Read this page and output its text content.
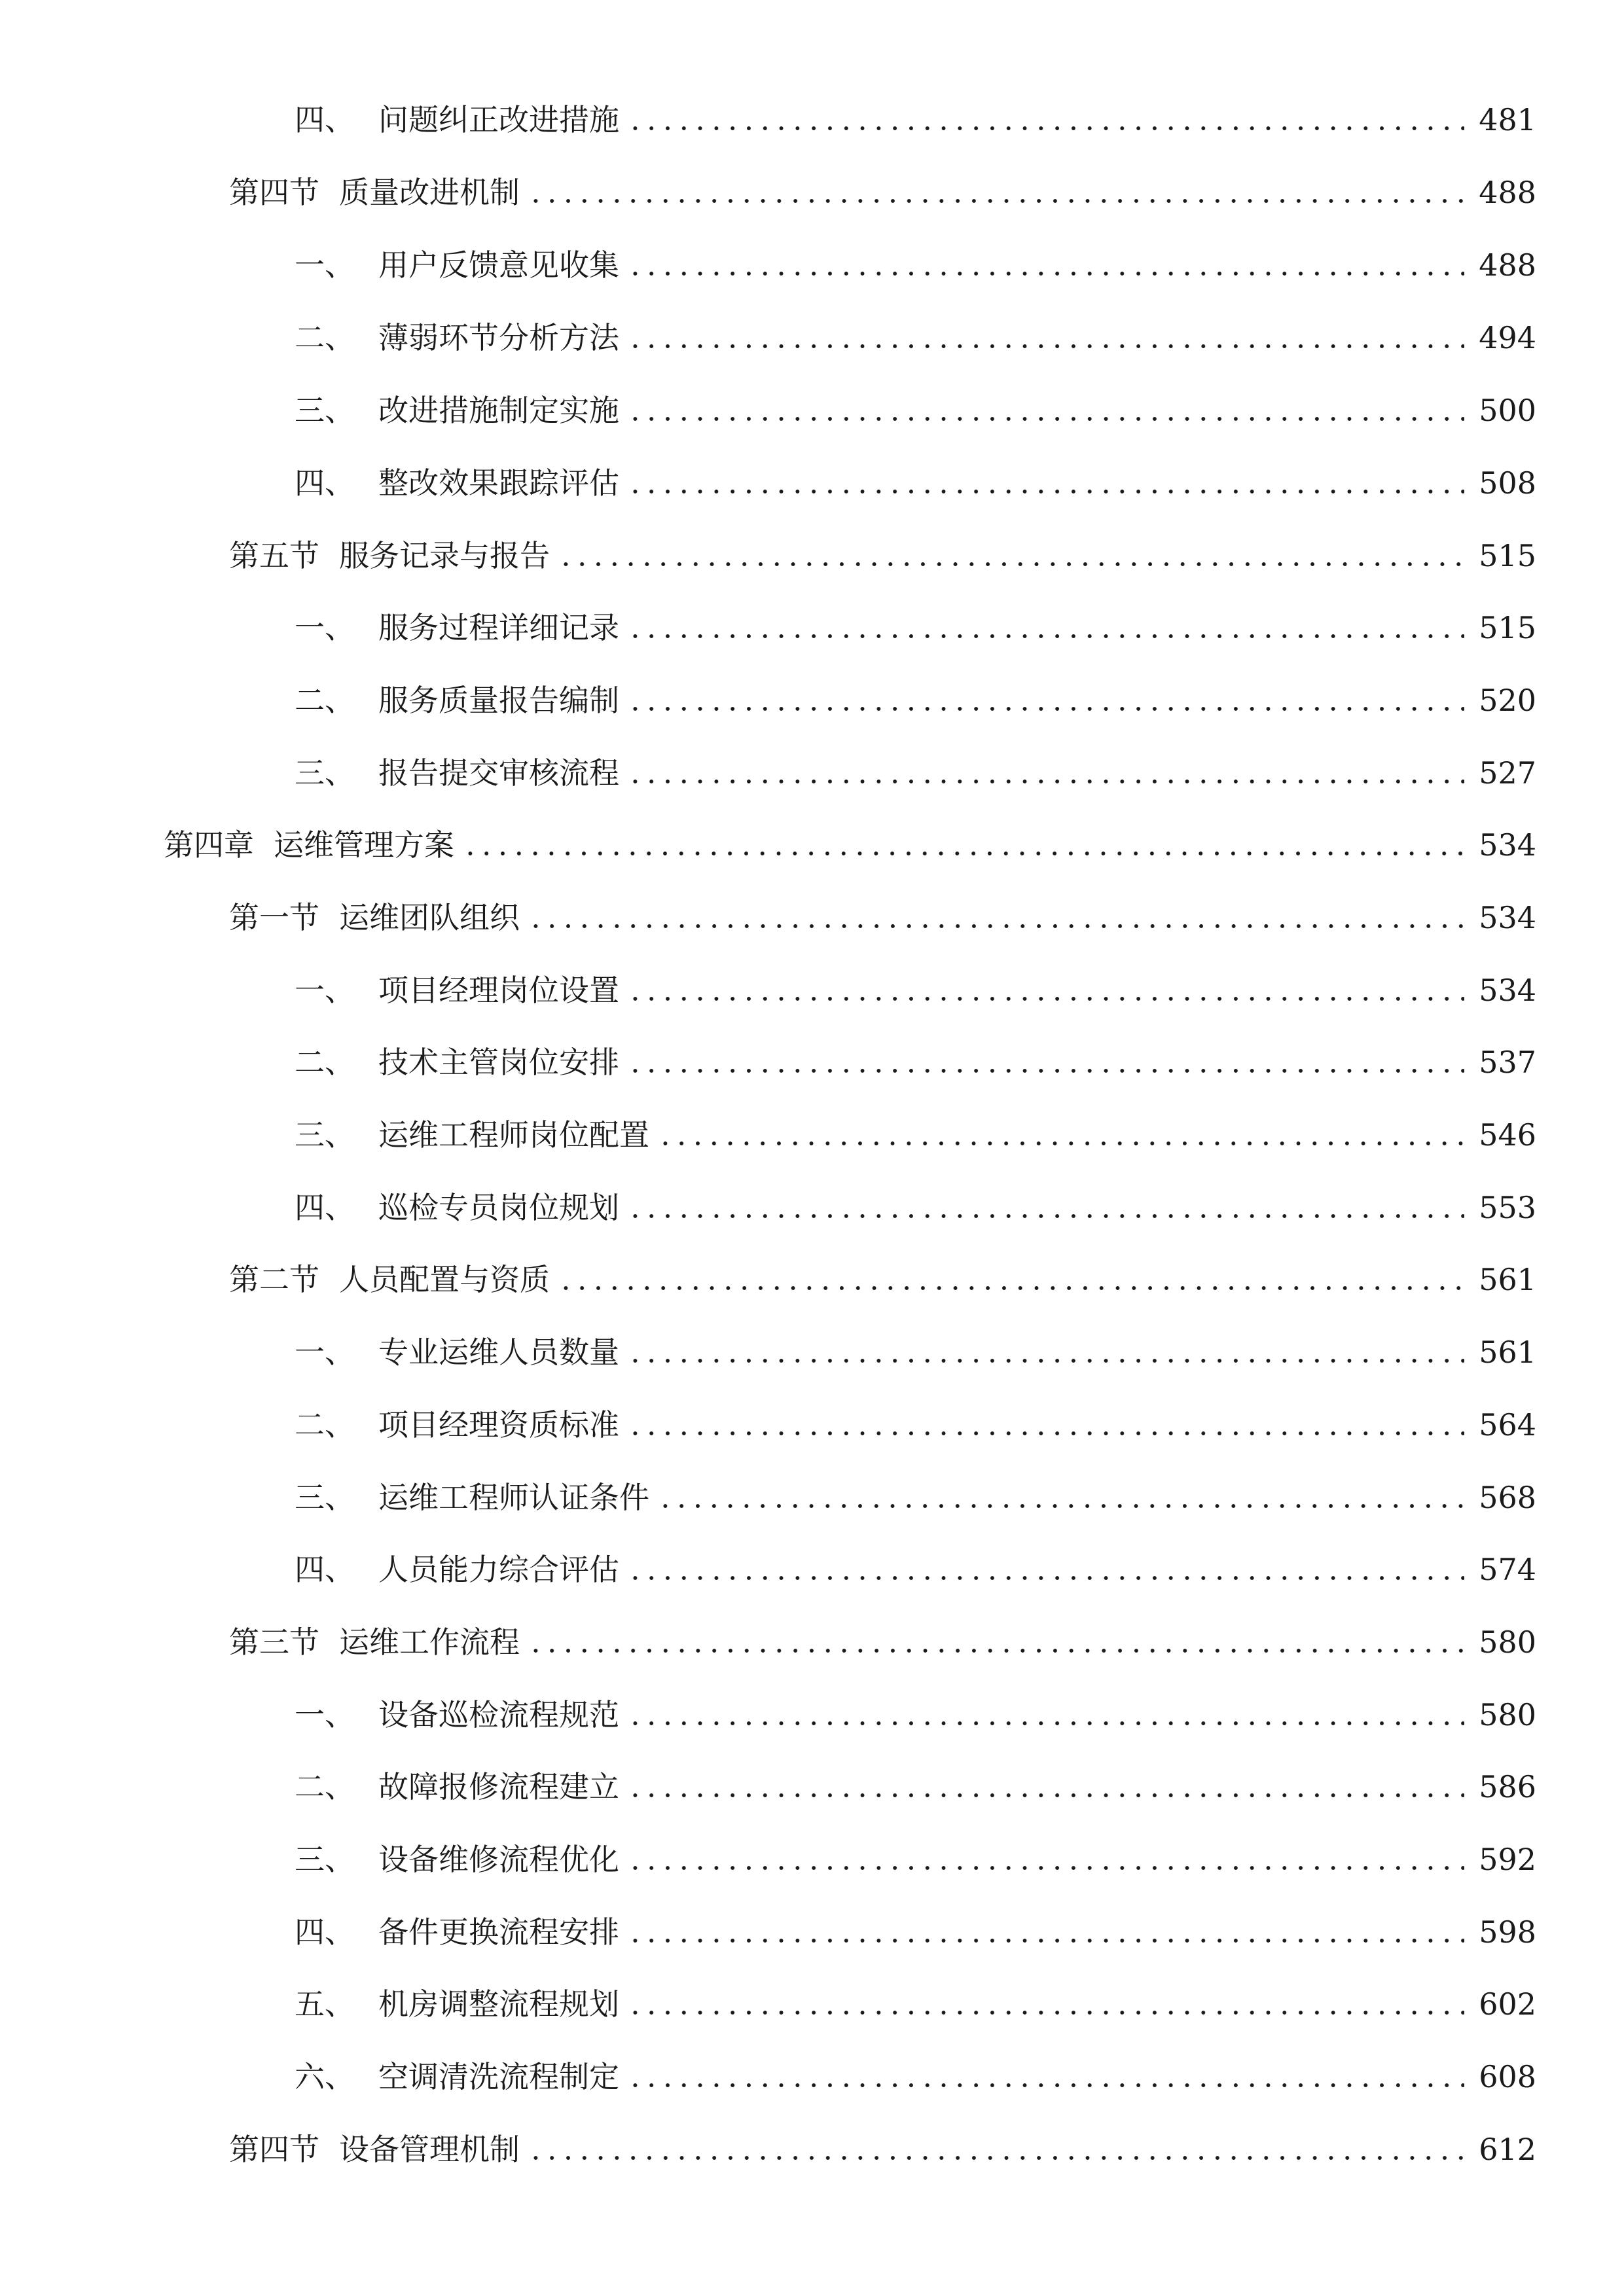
四、 问题纠正改进措施	481
第四节 质量改进机制	488
一、 用户反馈意见收集	488
二、 薄弱环节分析方法	494
三、 改进措施制定实施	500
四、 整改效果跟踪评估	508
第五节 服务记录与报告	515
一、 服务过程详细记录	515
二、 服务质量报告编制	520
三、 报告提交审核流程	527
第四章 运维管理方案	534
第一节 运维团队组织	534
一、 项目经理岗位设置	534
二、 技术主管岗位安排	537
三、 运维工程师岗位配置	546
四、 巡检专员岗位规划	553
第二节 人员配置与资质	561
一、 专业运维人员数量	561
二、 项目经理资质标准	564
三、 运维工程师认证条件	568
四、 人员能力综合评估	574
第三节 运维工作流程	580
一、 设备巡检流程规范	580
二、 故障报修流程建立	586
三、 设备维修流程优化	592
四、 备件更换流程安排	598
五、 机房调整流程规划	602
六、 空调清洗流程制定	608
第四节 设备管理机制	612
